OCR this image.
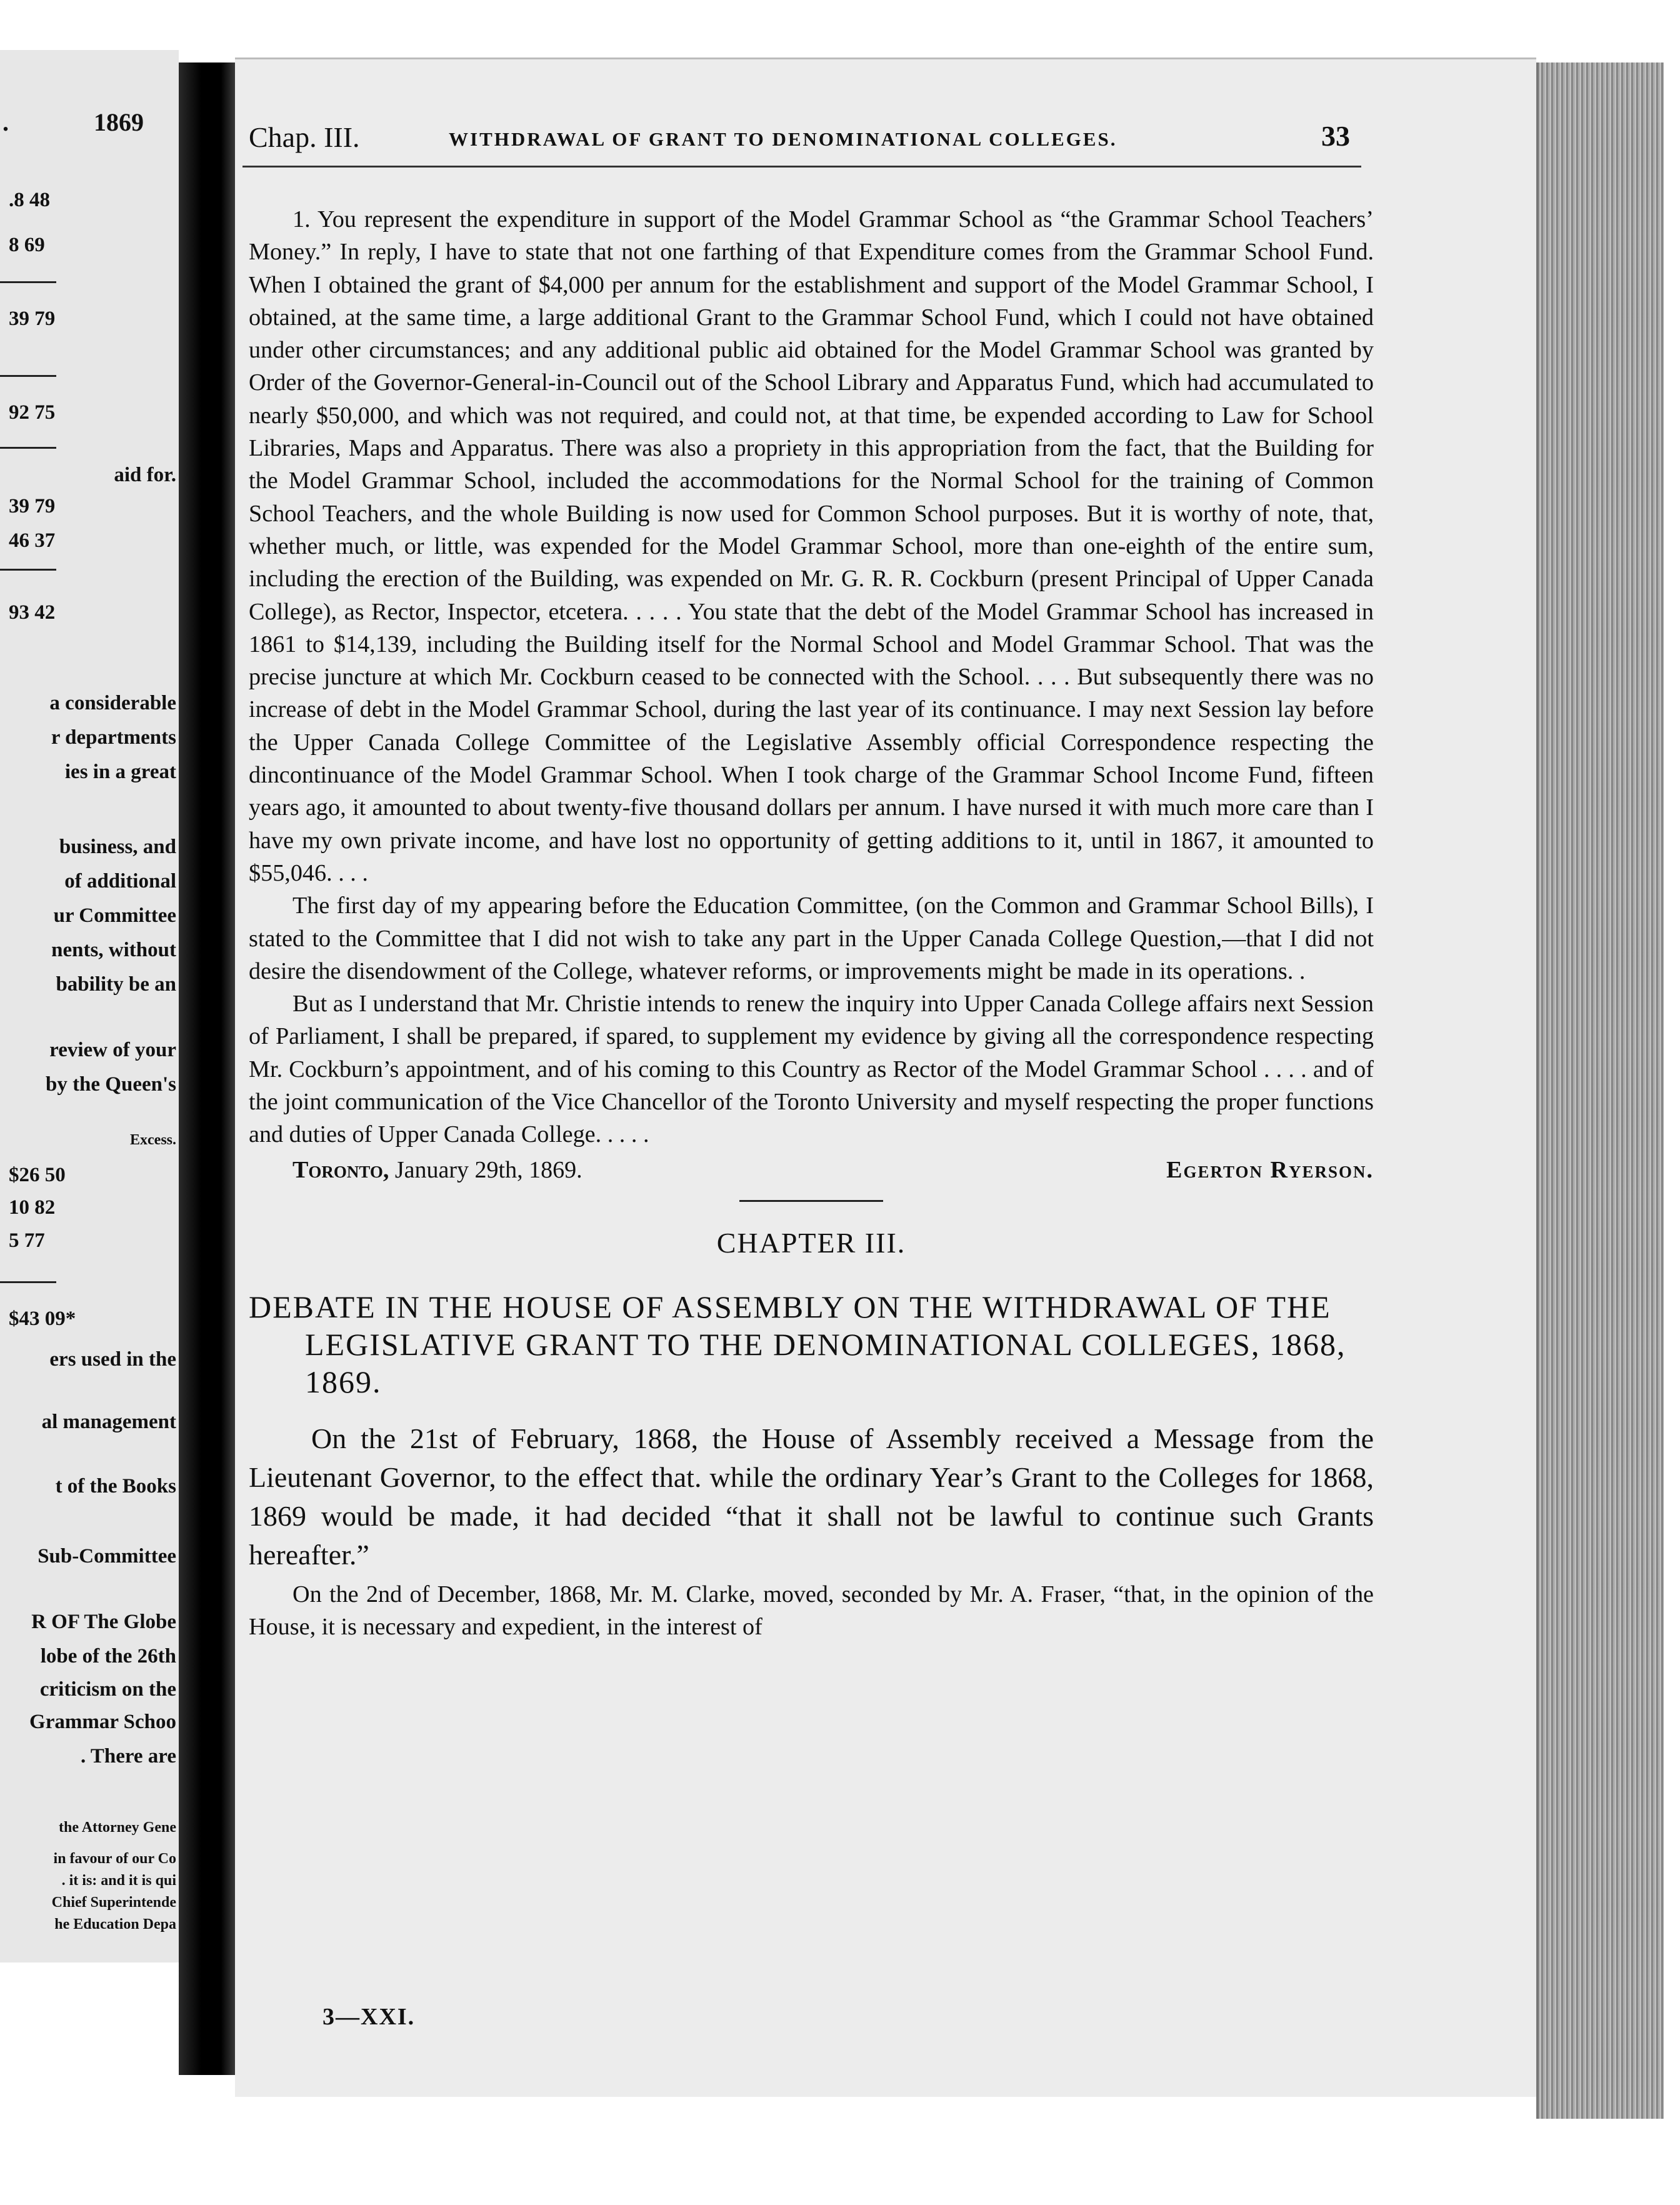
.	1869
.8 48
8 69
39 79
92 75
aid for.
39 79
46 37
93 42
a considerable
r departments
ies in a great
business, and
of additional
ur Committee
nents, without
bability be an
review of your
by the Queen's
Excess.
$26 50
10 82
5 77
$43 09*
ers used in the
al management
t of the Books
Sub-Committee
R OF The Globe
lobe of the 26th
criticism on the
Grammar Schoo
. There are
the Attorney Gene
in favour of our Co
. it is: and it is qui
Chief Superintende
he Education Depa
Chap. III.	WITHDRAWAL OF GRANT TO DENOMINATIONAL COLLEGES.	33

1. You represent the expenditure in support of the Model Grammar School as “the Grammar School Teachers’ Money.” In reply, I have to state that not one farthing of that Expenditure comes from the Grammar School Fund. When I obtained the grant of $4,000 per annum for the establishment and support of the Model Grammar School, I obtained, at the same time, a large additional Grant to the Grammar School Fund, which I could not have obtained under other circumstances; and any additional public aid obtained for the Model Grammar School was granted by Order of the Governor-General-in-Council out of the School Library and Apparatus Fund, which had accumulated to nearly $50,000, and which was not required, and could not, at that time, be expended according to Law for School Libraries, Maps and Apparatus. There was also a propriety in this appropriation from the fact, that the Building for the Model Grammar School, included the accommodations for the Normal School for the training of Common School Teachers, and the whole Building is now used for Common School purposes. But it is worthy of note, that, whether much, or little, was expended for the Model Grammar School, more than one-eighth of the entire sum, including the erection of the Building, was expended on Mr. G. R. R. Cockburn (present Principal of Upper Canada College), as Rector, Inspector, etcetera. . . . . You state that the debt of the Model Grammar School has increased in 1861 to $14,139, including the Building itself for the Normal School and Model Grammar School. That was the precise juncture at which Mr. Cockburn ceased to be connected with the School. . . . But subsequently there was no increase of debt in the Model Grammar School, during the last year of its continuance. I may next Session lay before the Upper Canada College Committee of the Legislative Assembly official Correspondence respecting the dincontinuance of the Model Grammar School. When I took charge of the Grammar School Income Fund, fifteen years ago, it amounted to about twenty-five thousand dollars per annum. I have nursed it with much more care than I have my own private income, and have lost no opportunity of getting additions to it, until in 1867, it amounted to $55,046. . . .

The first day of my appearing before the Education Committee, (on the Common and Grammar School Bills), I stated to the Committee that I did not wish to take any part in the Upper Canada College Question,—that I did not desire the disendowment of the College, whatever reforms, or improvements might be made in its operations. .

But as I understand that Mr. Christie intends to renew the inquiry into Upper Canada College affairs next Session of Parliament, I shall be prepared, if spared, to supplement my evidence by giving all the correspondence respecting Mr. Cockburn’s appointment, and of his coming to this Country as Rector of the Model Grammar School . . . . and of the joint communication of the Vice Chancellor of the Toronto University and myself respecting the proper functions and duties of Upper Canada College. . . . .

Toronto, January 29th, 1869.	Egerton Ryerson.
CHAPTER III.
DEBATE IN THE HOUSE OF ASSEMBLY ON THE WITHDRAWAL OF THE LEGISLATIVE GRANT TO THE DENOMINATIONAL COLLEGES, 1868, 1869.

On the 21st of February, 1868, the House of Assembly received a Message from the Lieutenant Governor, to the effect that. while the ordinary Year’s Grant to the Colleges for 1868, 1869 would be made, it had decided “that it shall not be lawful to continue such Grants hereafter.”

On the 2nd of December, 1868, Mr. M. Clarke, moved, seconded by Mr. A. Fraser, “that, in the opinion of the House, it is necessary and expedient, in the interest of

3—XXI.
